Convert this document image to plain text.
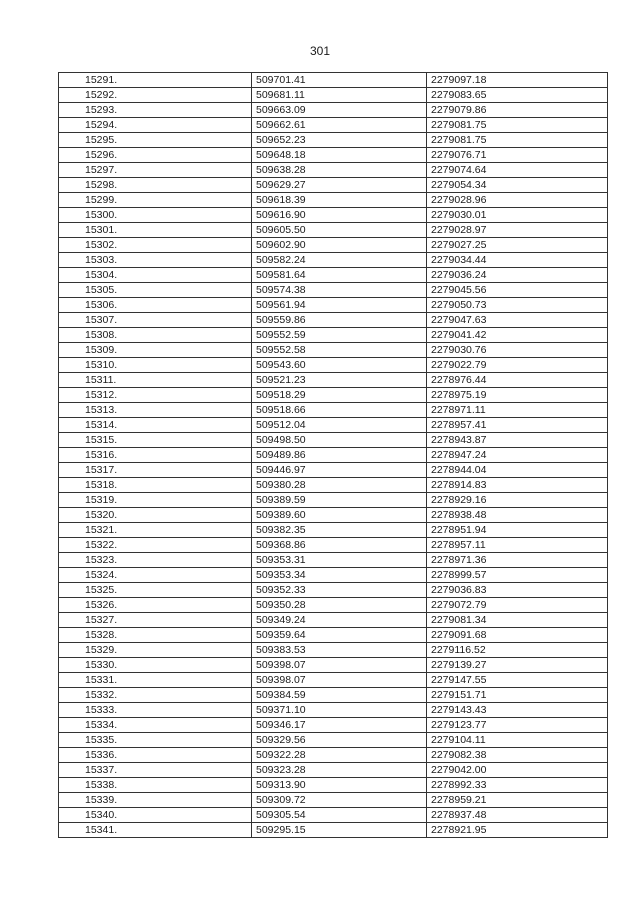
301
15291.	509701.41	2279097.18
15292.	509681.11	2279083.65
15293.	509663.09	2279079.86
15294.	509662.61	2279081.75
15295.	509652.23	2279081.75
15296.	509648.18	2279076.71
15297.	509638.28	2279074.64
15298.	509629.27	2279054.34
15299.	509618.39	2279028.96
15300.	509616.90	2279030.01
15301.	509605.50	2279028.97
15302.	509602.90	2279027.25
15303.	509582.24	2279034.44
15304.	509581.64	2279036.24
15305.	509574.38	2279045.56
15306.	509561.94	2279050.73
15307.	509559.86	2279047.63
15308.	509552.59	2279041.42
15309.	509552.58	2279030.76
15310.	509543.60	2279022.79
15311.	509521.23	2278976.44
15312.	509518.29	2278975.19
15313.	509518.66	2278971.11
15314.	509512.04	2278957.41
15315.	509498.50	2278943.87
15316.	509489.86	2278947.24
15317.	509446.97	2278944.04
15318.	509380.28	2278914.83
15319.	509389.59	2278929.16
15320.	509389.60	2278938.48
15321.	509382.35	2278951.94
15322.	509368.86	2278957.11
15323.	509353.31	2278971.36
15324.	509353.34	2278999.57
15325.	509352.33	2279036.83
15326.	509350.28	2279072.79
15327.	509349.24	2279081.34
15328.	509359.64	2279091.68
15329.	509383.53	2279116.52
15330.	509398.07	2279139.27
15331.	509398.07	2279147.55
15332.	509384.59	2279151.71
15333.	509371.10	2279143.43
15334.	509346.17	2279123.77
15335.	509329.56	2279104.11
15336.	509322.28	2279082.38
15337.	509323.28	2279042.00
15338.	509313.90	2278992.33
15339.	509309.72	2278959.21
15340.	509305.54	2278937.48
15341.	509295.15	2278921.95
